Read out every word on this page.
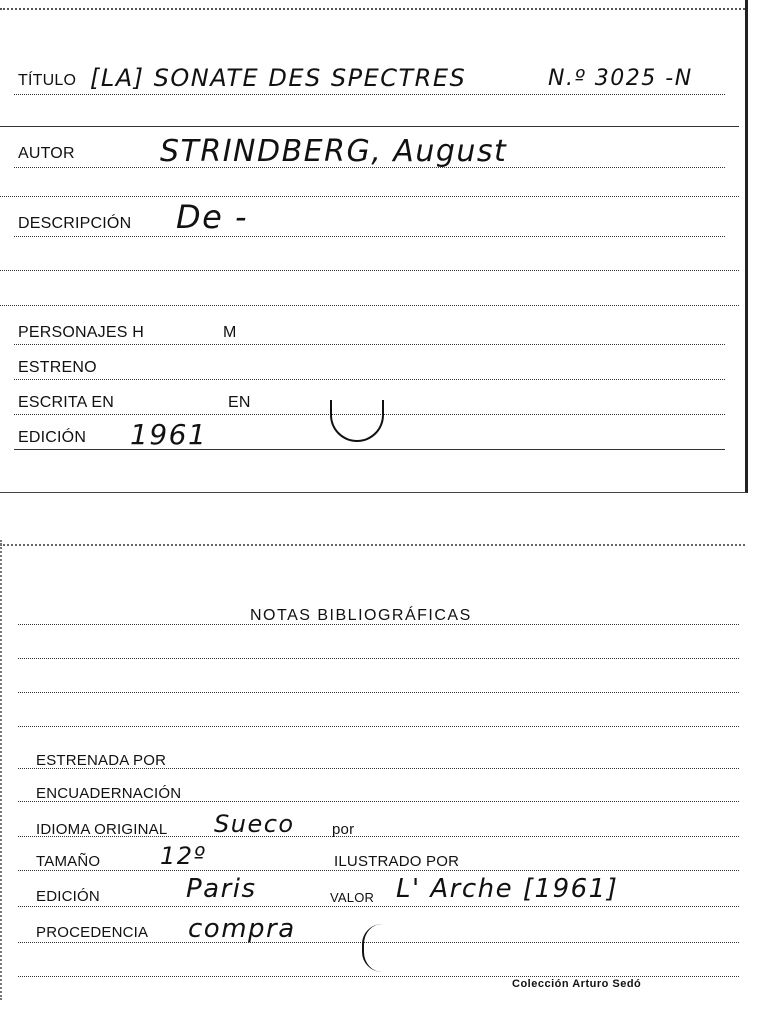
TÍTULO [LA] SONATE DES SPECTRES	N.º 3025 -N
AUTOR	STRINDBERG, August
DESCRIPCIÓN De -
PERSONAJES H	M
ESTRENO
ESCRITA EN	EN
EDICIÓN 1961
NOTAS BIBLIOGRÁFICAS
ESTRENADA POR
ENCUADERNACIÓN
IDIOMA ORIGINAL Sueco por
TAMAÑO 12º	ILUSTRADO POR
EDICIÓN	Paris	VALOR L' Arche [1961]
PROCEDENCIA compra
Colección Arturo Sedó
